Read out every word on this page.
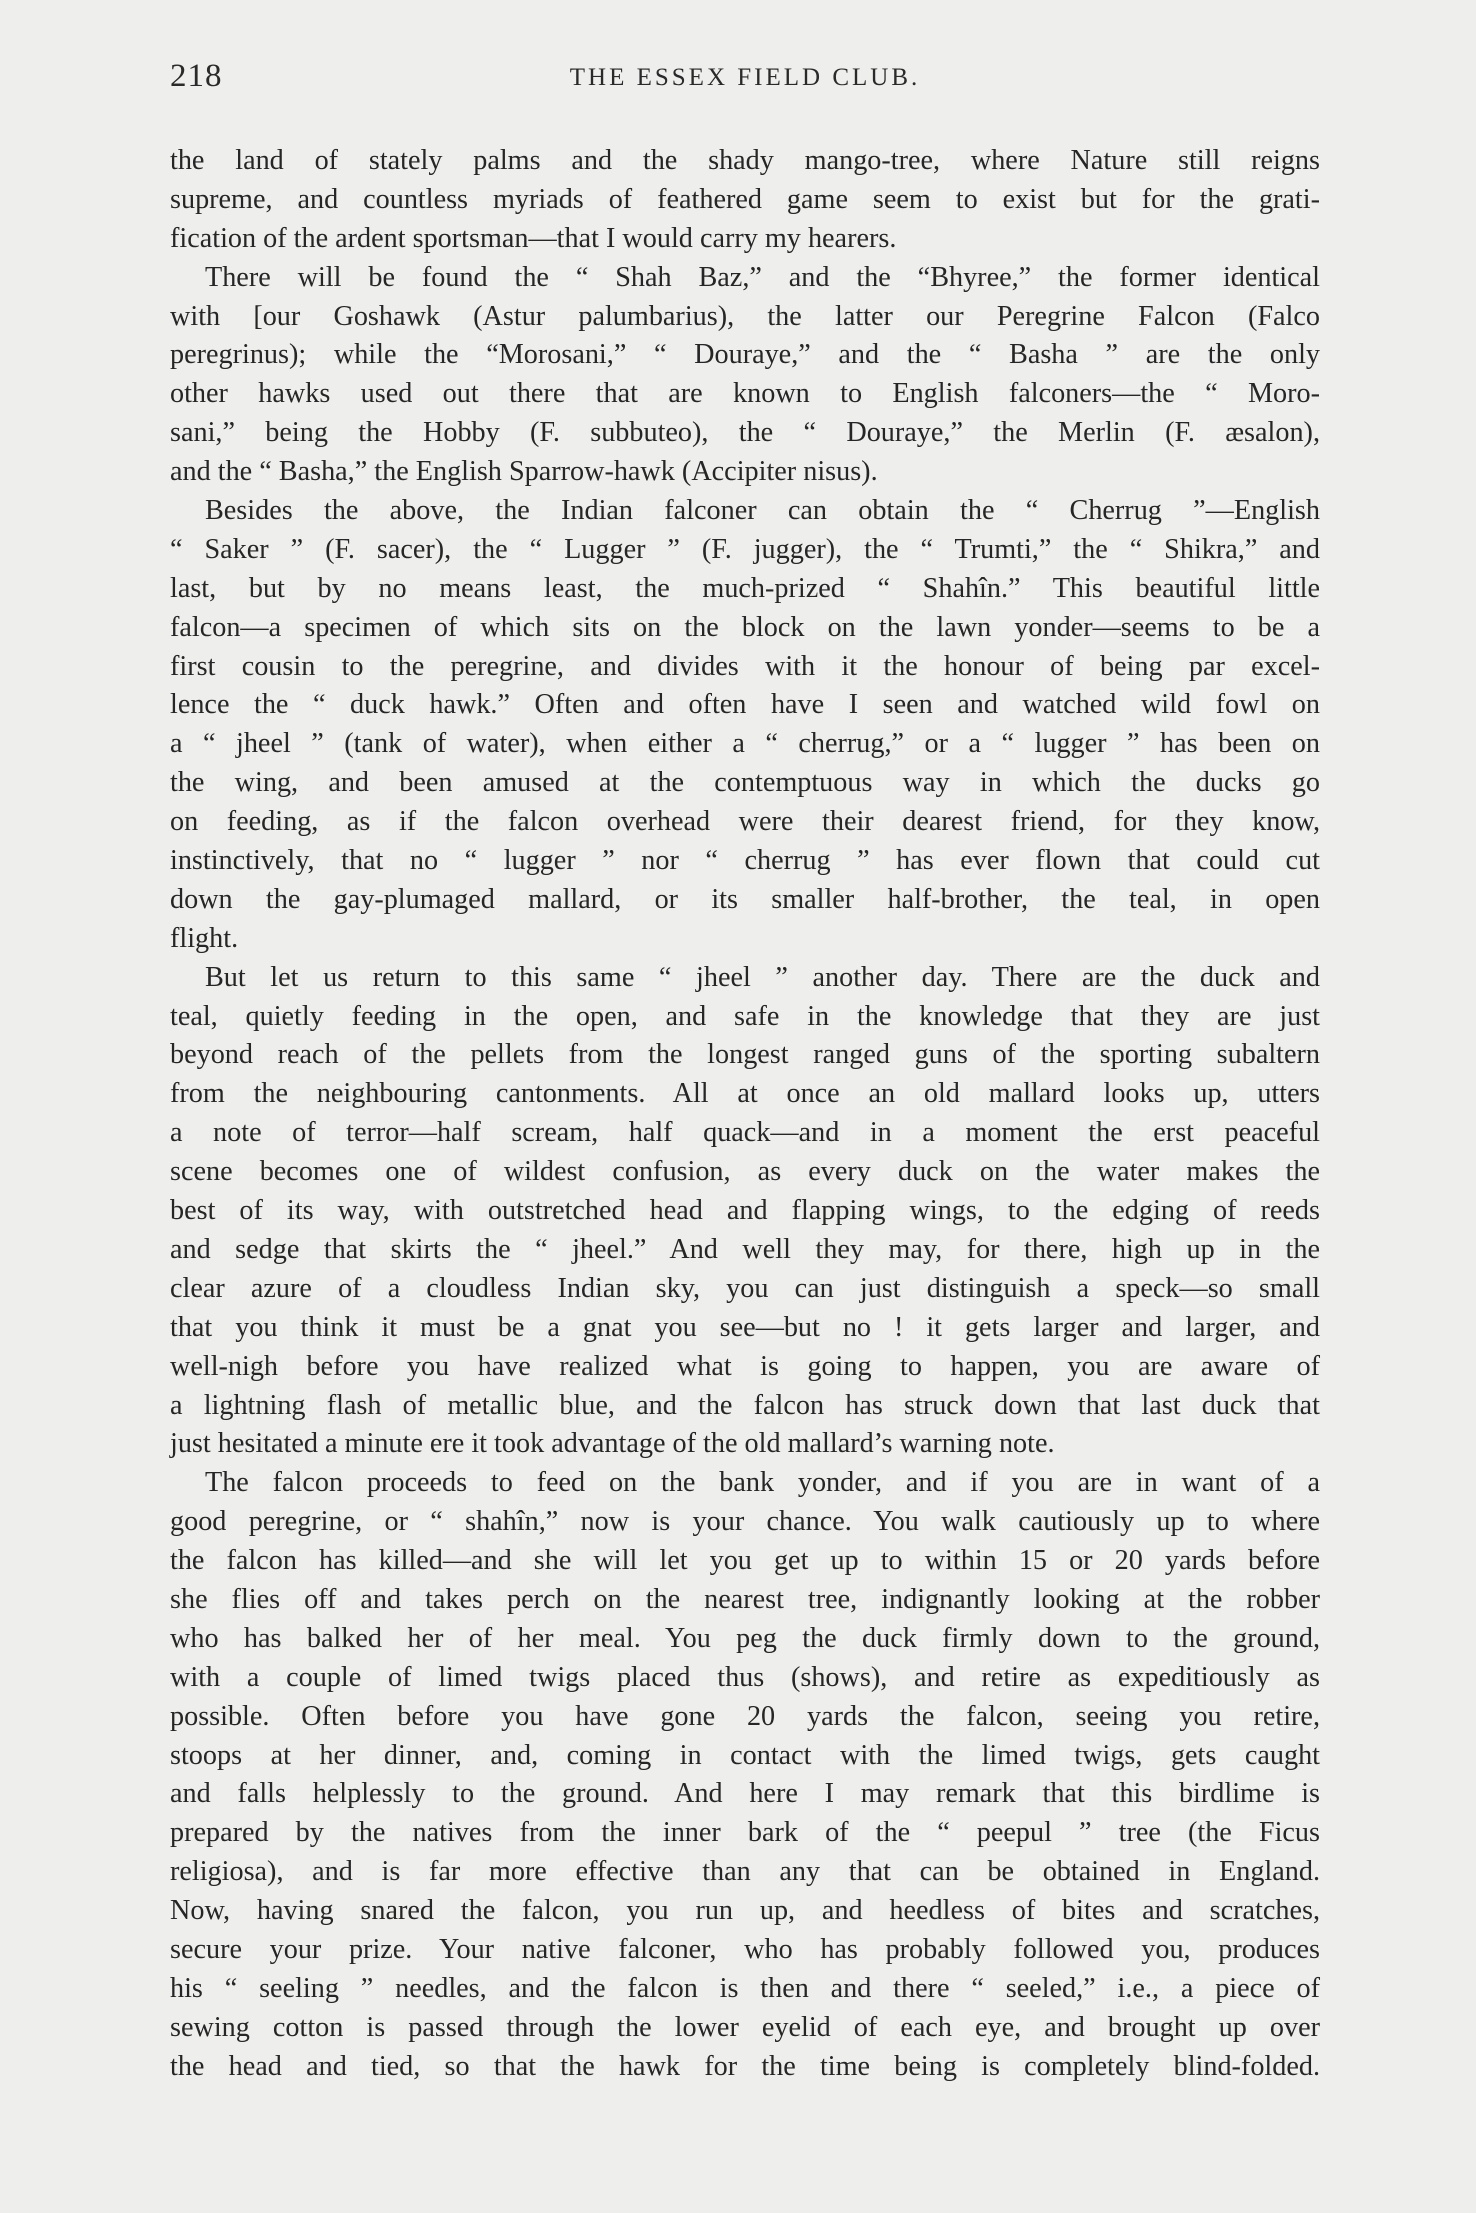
218	THE ESSEX FIELD CLUB.
the land of stately palms and the shady mango-tree, where Nature still reigns
supreme, and countless myriads of feathered game seem to exist but for the grati-
fication of the ardent sportsman—that I would carry my hearers.
There will be found the “ Shah Baz,” and the “Bhyree,” the former identical
with [our Goshawk (Astur palumbarius), the latter our Peregrine Falcon (Falco
peregrinus); while the “Morosani,” “ Douraye,” and the “ Basha ” are the only
other hawks used out there that are known to English falconers—the “ Moro-
sani,” being the Hobby (F. subbuteo), the “ Douraye,” the Merlin (F. æsalon),
and the “ Basha,” the English Sparrow-hawk (Accipiter nisus).
Besides the above, the Indian falconer can obtain the “ Cherrug ”—English
“ Saker ” (F. sacer), the “ Lugger ” (F. jugger), the “ Trumti,” the “ Shikra,” and
last, but by no means least, the much-prized “ Shahîn.” This beautiful little
falcon—a specimen of which sits on the block on the lawn yonder—seems to be a
first cousin to the peregrine, and divides with it the honour of being par excel-
lence the “ duck hawk.” Often and often have I seen and watched wild fowl on
a “ jheel ” (tank of water), when either a “ cherrug,” or a “ lugger ” has been on
the wing, and been amused at the contemptuous way in which the ducks go
on feeding, as if the falcon overhead were their dearest friend, for they know,
instinctively, that no “ lugger ” nor “ cherrug ” has ever flown that could cut
down the gay-plumaged mallard, or its smaller half-brother, the teal, in open
flight.
But let us return to this same “ jheel ” another day. There are the duck and
teal, quietly feeding in the open, and safe in the knowledge that they are just
beyond reach of the pellets from the longest ranged guns of the sporting subaltern
from the neighbouring cantonments. All at once an old mallard looks up, utters
a note of terror—half scream, half quack—and in a moment the erst peaceful
scene becomes one of wildest confusion, as every duck on the water makes the
best of its way, with outstretched head and flapping wings, to the edging of reeds
and sedge that skirts the “ jheel.” And well they may, for there, high up in the
clear azure of a cloudless Indian sky, you can just distinguish a speck—so small
that you think it must be a gnat you see—but no ! it gets larger and larger, and
well-nigh before you have realized what is going to happen, you are aware of
a lightning flash of metallic blue, and the falcon has struck down that last duck that
just hesitated a minute ere it took advantage of the old mallard’s warning note.
The falcon proceeds to feed on the bank yonder, and if you are in want of a
good peregrine, or “ shahîn,” now is your chance. You walk cautiously up to where
the falcon has killed—and she will let you get up to within 15 or 20 yards before
she flies off and takes perch on the nearest tree, indignantly looking at the robber
who has balked her of her meal. You peg the duck firmly down to the ground,
with a couple of limed twigs placed thus (shows), and retire as expeditiously as
possible. Often before you have gone 20 yards the falcon, seeing you retire,
stoops at her dinner, and, coming in contact with the limed twigs, gets caught
and falls helplessly to the ground. And here I may remark that this birdlime is
prepared by the natives from the inner bark of the “ peepul ” tree (the Ficus
religiosa), and is far more effective than any that can be obtained in England.
Now, having snared the falcon, you run up, and heedless of bites and scratches,
secure your prize. Your native falconer, who has probably followed you, produces
his “ seeling ” needles, and the falcon is then and there “ seeled,” i.e., a piece of
sewing cotton is passed through the lower eyelid of each eye, and brought up over
the head and tied, so that the hawk for the time being is completely blind-folded.
